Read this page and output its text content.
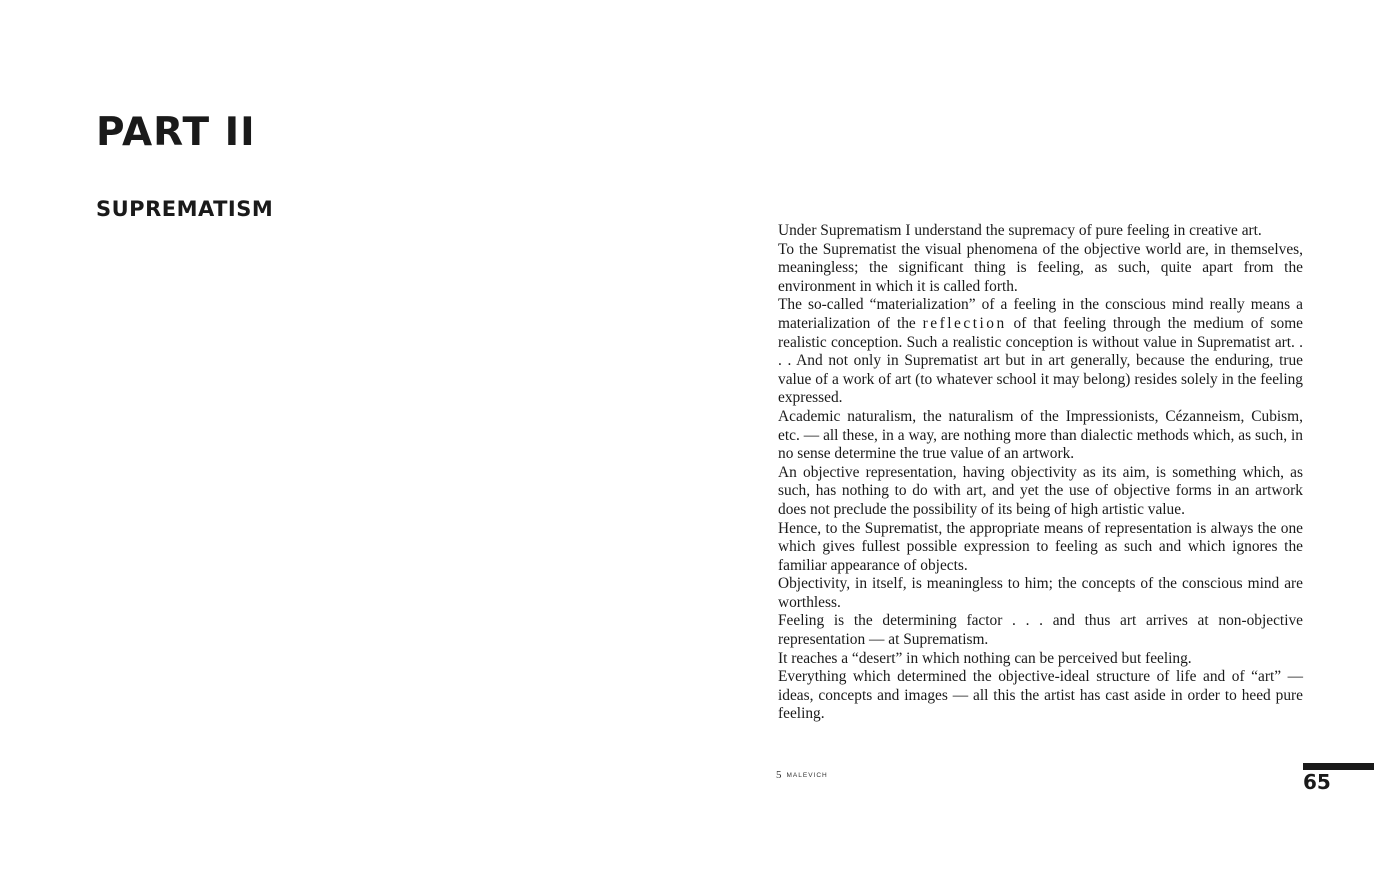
PART II
SUPREMATISM

Under Suprematism I understand the supremacy of pure feeling in creative art.

To the Suprematist the visual phenomena of the objective world are, in themselves, meaningless; the significant thing is feeling, as such, quite apart from the environment in which it is called forth.

The so-called “materialization” of a feeling in the conscious mind really means a materialization of the reflection of that feeling through the medium of some realistic conception. Such a realistic conception is without value in Suprematist art. . . . And not only in Suprematist art but in art generally, because the enduring, true value of a work of art (to whatever school it may belong) resides solely in the feeling expressed.

Academic naturalism, the naturalism of the Impressionists, Cézanneism, Cubism, etc. — all these, in a way, are nothing more than dialectic methods which, as such, in no sense determine the true value of an artwork.

An objective representation, having objectivity as its aim, is something which, as such, has nothing to do with art, and yet the use of objective forms in an artwork does not preclude the possibility of its being of high artistic value.

Hence, to the Suprematist, the appropriate means of representation is always the one which gives fullest possible expression to feeling as such and which ignores the familiar appearance of objects.

Objectivity, in itself, is meaningless to him; the concepts of the conscious mind are worthless.

Feeling is the determining factor . . . and thus art arrives at non-objective representation — at Suprematism.

It reaches a “desert” in which nothing can be perceived but feeling.

Everything which determined the objective-ideal structure of life and of “art” — ideas, concepts and images — all this the artist has cast aside in order to heed pure feeling.

5 MALEVICH	65
